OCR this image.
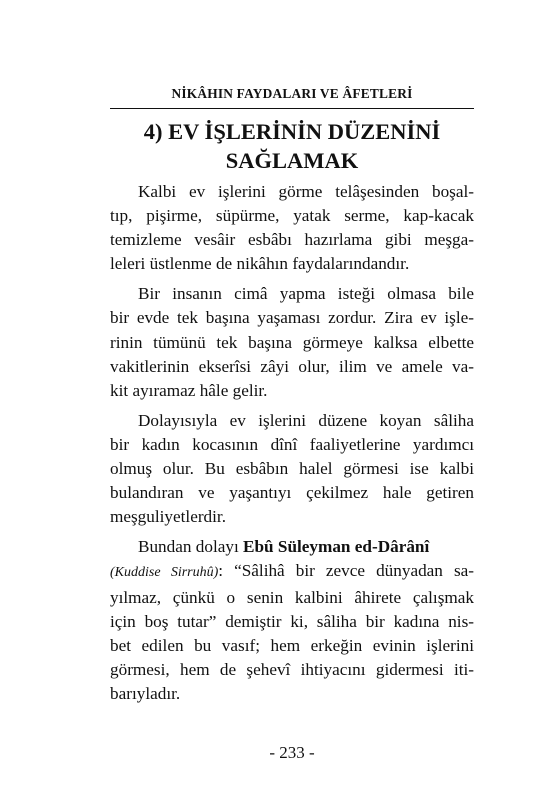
NİKÂHIN FAYDALARI VE ÂFETLERİ
4) EV İŞLERİNİN DÜZENİNİ
SAĞLAMAK
Kalbi ev işlerini görme telâşesinden boşal-
tıp, pişirme, süpürme, yatak serme, kap-kacak
temizleme vesâir esbâbı hazırlama gibi meşga-
leleri üstlenme de nikâhın faydalarındandır.
Bir insanın cimâ yapma isteği olmasa bile
bir evde tek başına yaşaması zordur. Zira ev işle-
rinin tümünü tek başına görmeye kalksa elbette
vakitlerinin ekserîsi zâyi olur, ilim ve amele va-
kit ayıramaz hâle gelir.
Dolayısıyla ev işlerini düzene koyan sâliha
bir kadın kocasının dînî faaliyetlerine yardımcı
olmuş olur. Bu esbâbın halel görmesi ise kalbi
bulandıran ve yaşantıyı çekilmez hale getiren
meşguliyetlerdir.
Bundan dolayı Ebû Süleyman ed-Dârânî
(Kuddise Sirruhû): “Sâlihâ bir zevce dünyadan sa-
yılmaz, çünkü o senin kalbini âhirete çalışmak
için boş tutar” demiştir ki, sâliha bir kadına nis-
bet edilen bu vasıf; hem erkeğin evinin işlerini
görmesi, hem de şehevî ihtiyacını gidermesi iti-
barıyladır.
- 233 -
